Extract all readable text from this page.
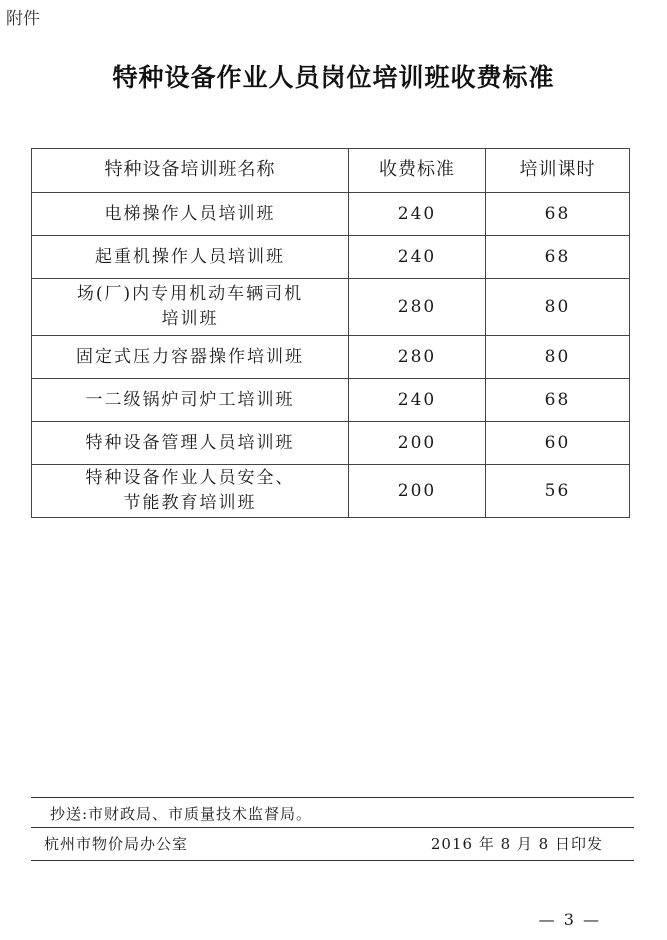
附件
特种设备作业人员岗位培训班收费标准
特种设备培训班名称	收费标准	培训课时

电梯操作人员培训班	240	68

起重机操作人员培训班	240	68

场(厂)内专用机动车辆司机
培训班	280	80

固定式压力容器操作培训班	280	80

一二级锅炉司炉工培训班	240	68

特种设备管理人员培训班	200	60

特种设备作业人员安全、
节能教育培训班	200	56
抄送:市财政局、市质量技术监督局。
杭州市物价局办公室	2016 年 8 月 8 日印发
— 3 —
